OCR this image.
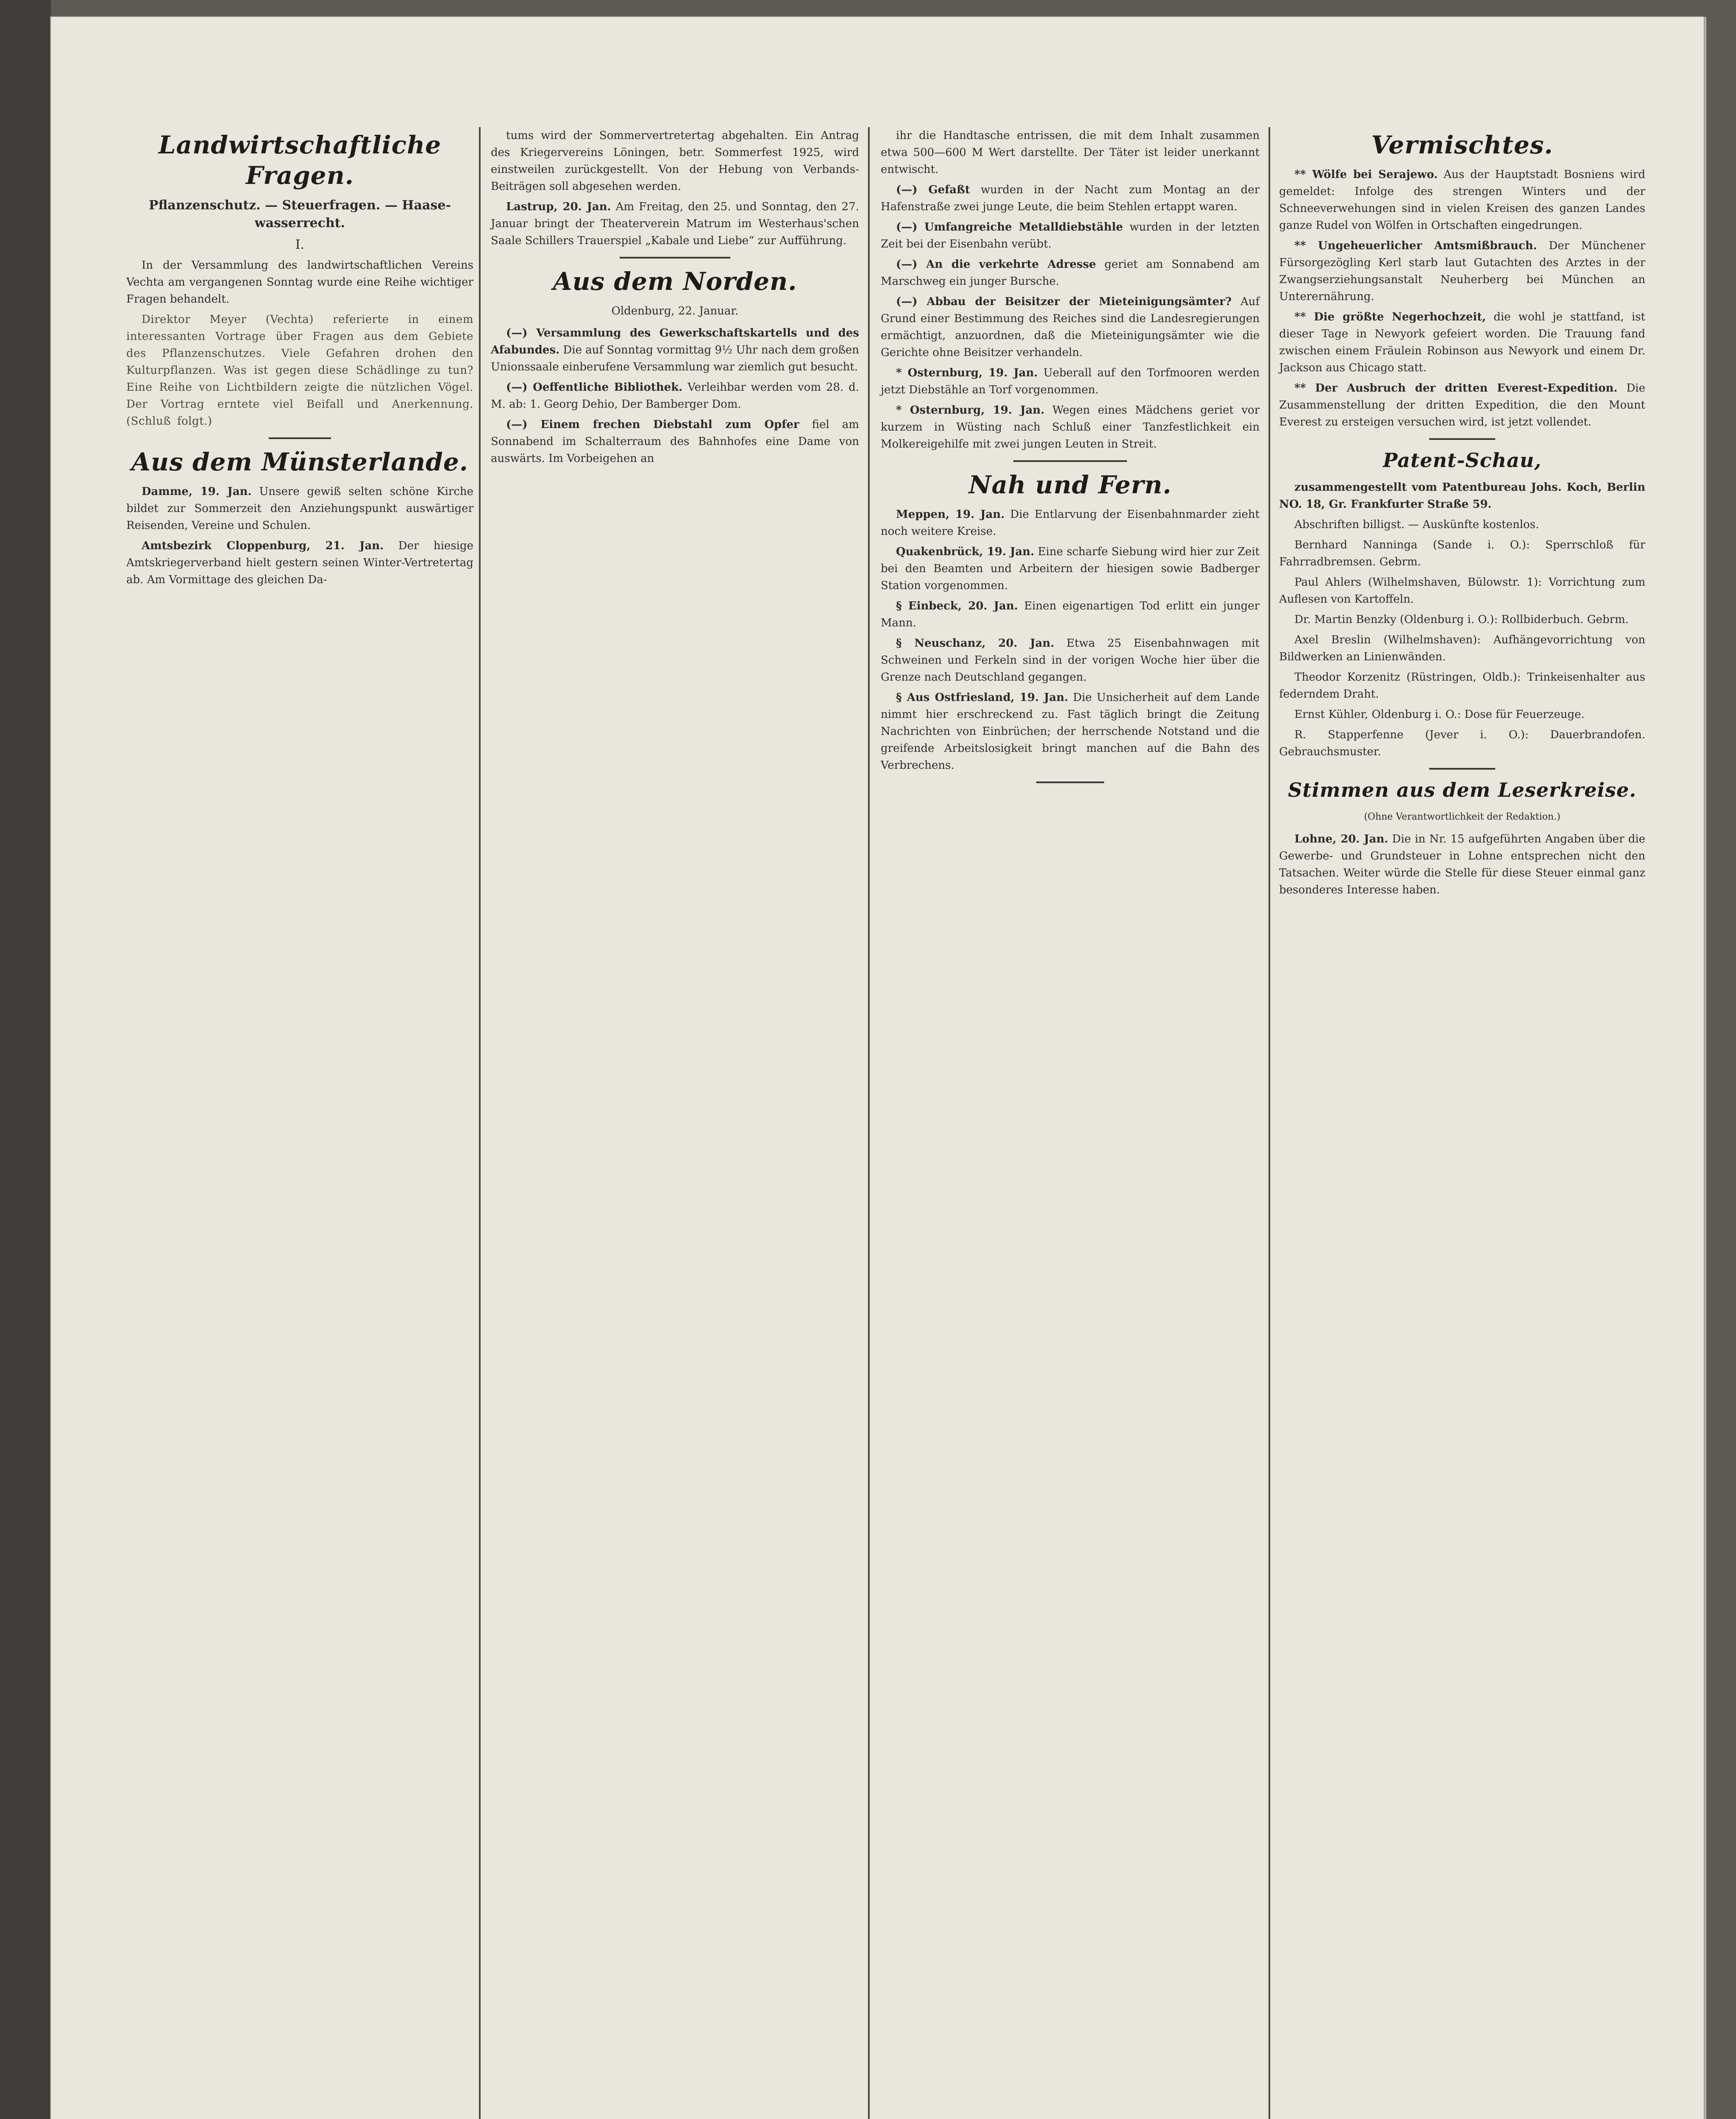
Landwirtschaftliche Fragen.
Pflanzenschutz. — Steuerfragen. — Haase-wasserrecht.
I.
In der Versammlung des landwirtschaftlichen Vereins Vechta am vergangenen Sonntag wurde eine Reihe wichtiger Fragen behandelt.
Direktor Meyer (Vechta) referierte in einem interessanten Vortrage über Fragen aus dem Gebiete des Pflanzenschutzes. Viele Gefahren drohen den Kulturpflanzen. Was ist gegen diese Schädlinge zu tun? Eine Reihe von Lichtbildern zeigte die nützlichen Vögel. Der Vortrag erntete viel Beifall und Anerkennung. (Schluß folgt.)
Aus dem Münsterlande.
Damme, 19. Jan. Unsere gewiß selten schöne Kirche bildet zur Sommerzeit den Anziehungspunkt auswärtiger Reisenden, Vereine und Schulen.
Amtsbezirk Cloppenburg, 21. Jan. Der hiesige Amtskriegerverband hielt gestern seinen Winter-Vertretertag ab. Am Vormittage des gleichen Da-
tums wird der Sommervertretertag abgehalten. Ein Antrag des Kriegervereins Löningen, betr. Sommerfest 1925, wird einstweilen zurückgestellt. Von der Hebung von Verbands-Beiträgen soll abgesehen werden.
Lastrup, 20. Jan. Am Freitag, den 25. und Sonntag, den 27. Januar bringt der Theaterverein Matrum im Westerhaus'schen Saale Schillers Trauerspiel „Kabale und Liebe“ zur Aufführung.
Aus dem Norden.
Oldenburg, 22. Januar.
(—) Versammlung des Gewerkschaftskartells und des Afabundes. Die auf Sonntag vormittag 9½ Uhr nach dem großen Unionssaale einberufene Versammlung war ziemlich gut besucht.
(—) Oeffentliche Bibliothek. Verleihbar werden vom 28. d. M. ab: 1. Georg Dehio, Der Bamberger Dom.
(—) Einem frechen Diebstahl zum Opfer fiel am Sonnabend im Schalterraum des Bahnhofes eine Dame von auswärts. Im Vorbeigehen an
ihr die Handtasche entrissen, die mit dem Inhalt zusammen etwa 500—600 M Wert darstellte. Der Täter ist leider unerkannt entwischt.
(—) Gefaßt wurden in der Nacht zum Montag an der Hafenstraße zwei junge Leute, die beim Stehlen ertappt waren.
(—) Umfangreiche Metalldiebstähle wurden in der letzten Zeit bei der Eisenbahn verübt.
(—) An die verkehrte Adresse geriet am Sonnabend am Marschweg ein junger Bursche.
(—) Abbau der Beisitzer der Mieteinigungsämter? Auf Grund einer Bestimmung des Reiches sind die Landesregierungen ermächtigt, anzuordnen, daß die Mieteinigungsämter wie die Gerichte ohne Beisitzer verhandeln.
* Osternburg, 19. Jan. Ueberall auf den Torfmooren werden jetzt Diebstähle an Torf vorgenommen.
* Osternburg, 19. Jan. Wegen eines Mädchens geriet vor kurzem in Wüsting nach Schluß einer Tanzfestlichkeit ein Molkereigehilfe mit zwei jungen Leuten in Streit.
Nah und Fern.
Meppen, 19. Jan. Die Entlarvung der Eisenbahnmarder zieht noch weitere Kreise.
Quakenbrück, 19. Jan. Eine scharfe Siebung wird hier zur Zeit bei den Beamten und Arbeitern der hiesigen sowie Badberger Station vorgenommen.
§ Einbeck, 20. Jan. Einen eigenartigen Tod erlitt ein junger Mann.
§ Neuschanz, 20. Jan. Etwa 25 Eisenbahnwagen mit Schweinen und Ferkeln sind in der vorigen Woche hier über die Grenze nach Deutschland gegangen.
§ Aus Ostfriesland, 19. Jan. Die Unsicherheit auf dem Lande nimmt hier erschreckend zu. Fast täglich bringt die Zeitung Nachrichten von Einbrüchen; der herrschende Notstand und die greifende Arbeitslosigkeit bringt manchen auf die Bahn des Verbrechens.
Vermischtes.
** Wölfe bei Serajewo. Aus der Hauptstadt Bosniens wird gemeldet: Infolge des strengen Winters und der Schneeverwehungen sind in vielen Kreisen des ganzen Landes ganze Rudel von Wölfen in Ortschaften eingedrungen.
** Ungeheuerlicher Amtsmißbrauch. Der Münchener Fürsorgezögling Kerl starb laut Gutachten des Arztes in der Zwangserziehungsanstalt Neuherberg bei München an Unterernährung.
** Die größte Negerhochzeit, die wohl je stattfand, ist dieser Tage in Newyork gefeiert worden. Die Trauung fand zwischen einem Fräulein Robinson aus Newyork und einem Dr. Jackson aus Chicago statt.
** Der Ausbruch der dritten Everest-Expedition. Die Zusammenstellung der dritten Expedition, die den Mount Everest zu ersteigen versuchen wird, ist jetzt vollendet.
Patent-Schau,
zusammengestellt vom Patentbureau Johs. Koch, Berlin NO. 18, Gr. Frankfurter Straße 59.
Abschriften billigst. — Auskünfte kostenlos.
Bernhard Nanninga (Sande i. O.): Sperrschloß für Fahrradbremsen. Gebrm.
Paul Ahlers (Wilhelmshaven, Bülowstr. 1): Vorrichtung zum Auflesen von Kartoffeln.
Dr. Martin Benzky (Oldenburg i. O.): Rollbiderbuch. Gebrm.
Axel Breslin (Wilhelmshaven): Aufhängevorrichtung von Bildwerken an Linienwänden.
Theodor Korzenitz (Rüstringen, Oldb.): Trinkeisenhalter aus federndem Draht.
Ernst Kühler, Oldenburg i. O.: Dose für Feuerzeuge.
R. Stapperfenne (Jever i. O.): Dauerbrandofen. Gebrauchsmuster.
Stimmen aus dem Leserkreise.
(Ohne Verantwortlichkeit der Redaktion.)
Lohne, 20. Jan. Die in Nr. 15 aufgeführten Angaben über die Gewerbe- und Grundsteuer in Lohne entsprechen nicht den Tatsachen. Weiter würde die Stelle für diese Steuer einmal ganz besonderes Interesse haben.
